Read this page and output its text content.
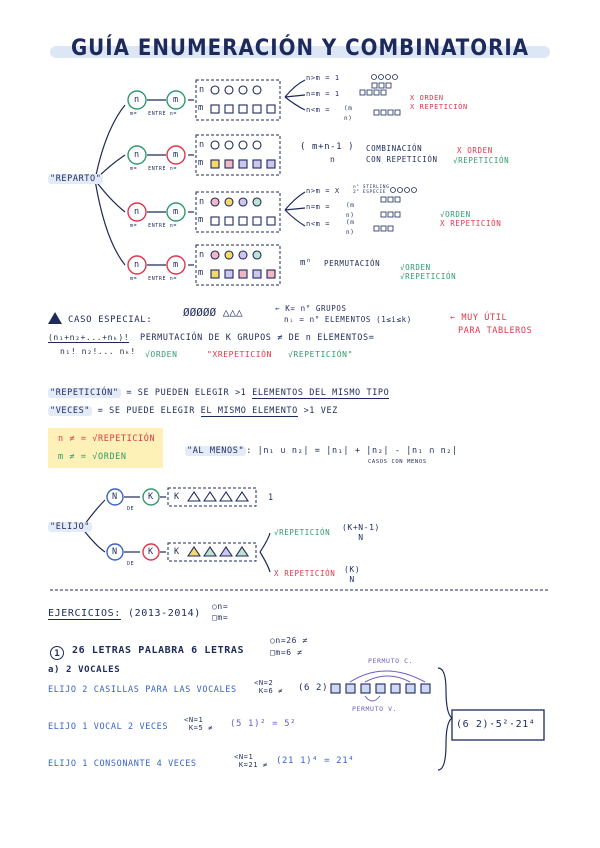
GUÍA ENUMERACIÓN Y COMBINATORIA
"REPARTO"
n	m
n	m
n	m
n	m
m= ENTRE n=
m= ENTRE n=
m= ENTRE n=
m= ENTRE n=
n
m
n
m
n
m
n
m
n>m = 1
n=m = 1
n<m = (m
n)
X ORDEN
X REPETICIÓN
( m+n-1 )
n
COMBINACIÓN
CON REPETICIÓN
X ORDEN
√REPETICIÓN
n>m = X	n° STIRLING
2° ESPECIE
n=m =
n<m =
(m
n)
(m
n)
√ORDEN
X REPETICIÓN
mⁿ PERMUTACIÓN	√ORDEN
√REPETICIÓN
CASO ESPECIAL:
ØØØØØ △△△	← K= n° GRUPOS
nᵢ = n° ELEMENTOS (1≤i≤k)	← MUY ÚTIL
PARA TABLEROS
(n₁+n₂+...+nₖ)!
n₁! n₂!... nₖ!
PERMUTACIÓN DE K GRUPOS ≠ DE n ELEMENTOS=
√ORDEN	"XREPETICIÓN √REPETICIÓN"
"REPETICIÓN" = SE PUEDEN ELEGIR >1 ELEMENTOS DEL MISMO TIPO
"VECES" = SE PUEDE ELEGIR EL MISMO ELEMENTO >1 VEZ
n ≠ = √REPETICIÓN
m ≠ = √ORDEN
"AL MENOS" : |n₁ ∪ n₂| = |n₁| + |n₂| - |n₁ ∩ n₂|
CASOS CON MENOS
"ELIJO"
N	K
N	K
DE
DE
K
K
1
√REPETICIÓN
(K+N-1)
N
X REPETICIÓN (K)
N
EJERCICIOS: (2013-2014)
○n=
□m=
1	26 LETRAS PALABRA 6 LETRAS
○n=26 ≠
□m=6 ≠
a) 2 VOCALES
PERMUTO C.
PERMUTO V.
ELIJO 2 CASILLAS PARA LAS VOCALES
<N=2
K=6 ≠ (6 2)
ELIJO 1 VOCAL 2 VECES
<N=1
K=5 ≠ (5 1)² = 5²
ELIJO 1 CONSONANTE 4 VECES
<N=1
K=21 ≠ (21 1)⁴ = 21⁴
(6 2)·5²·21⁴
